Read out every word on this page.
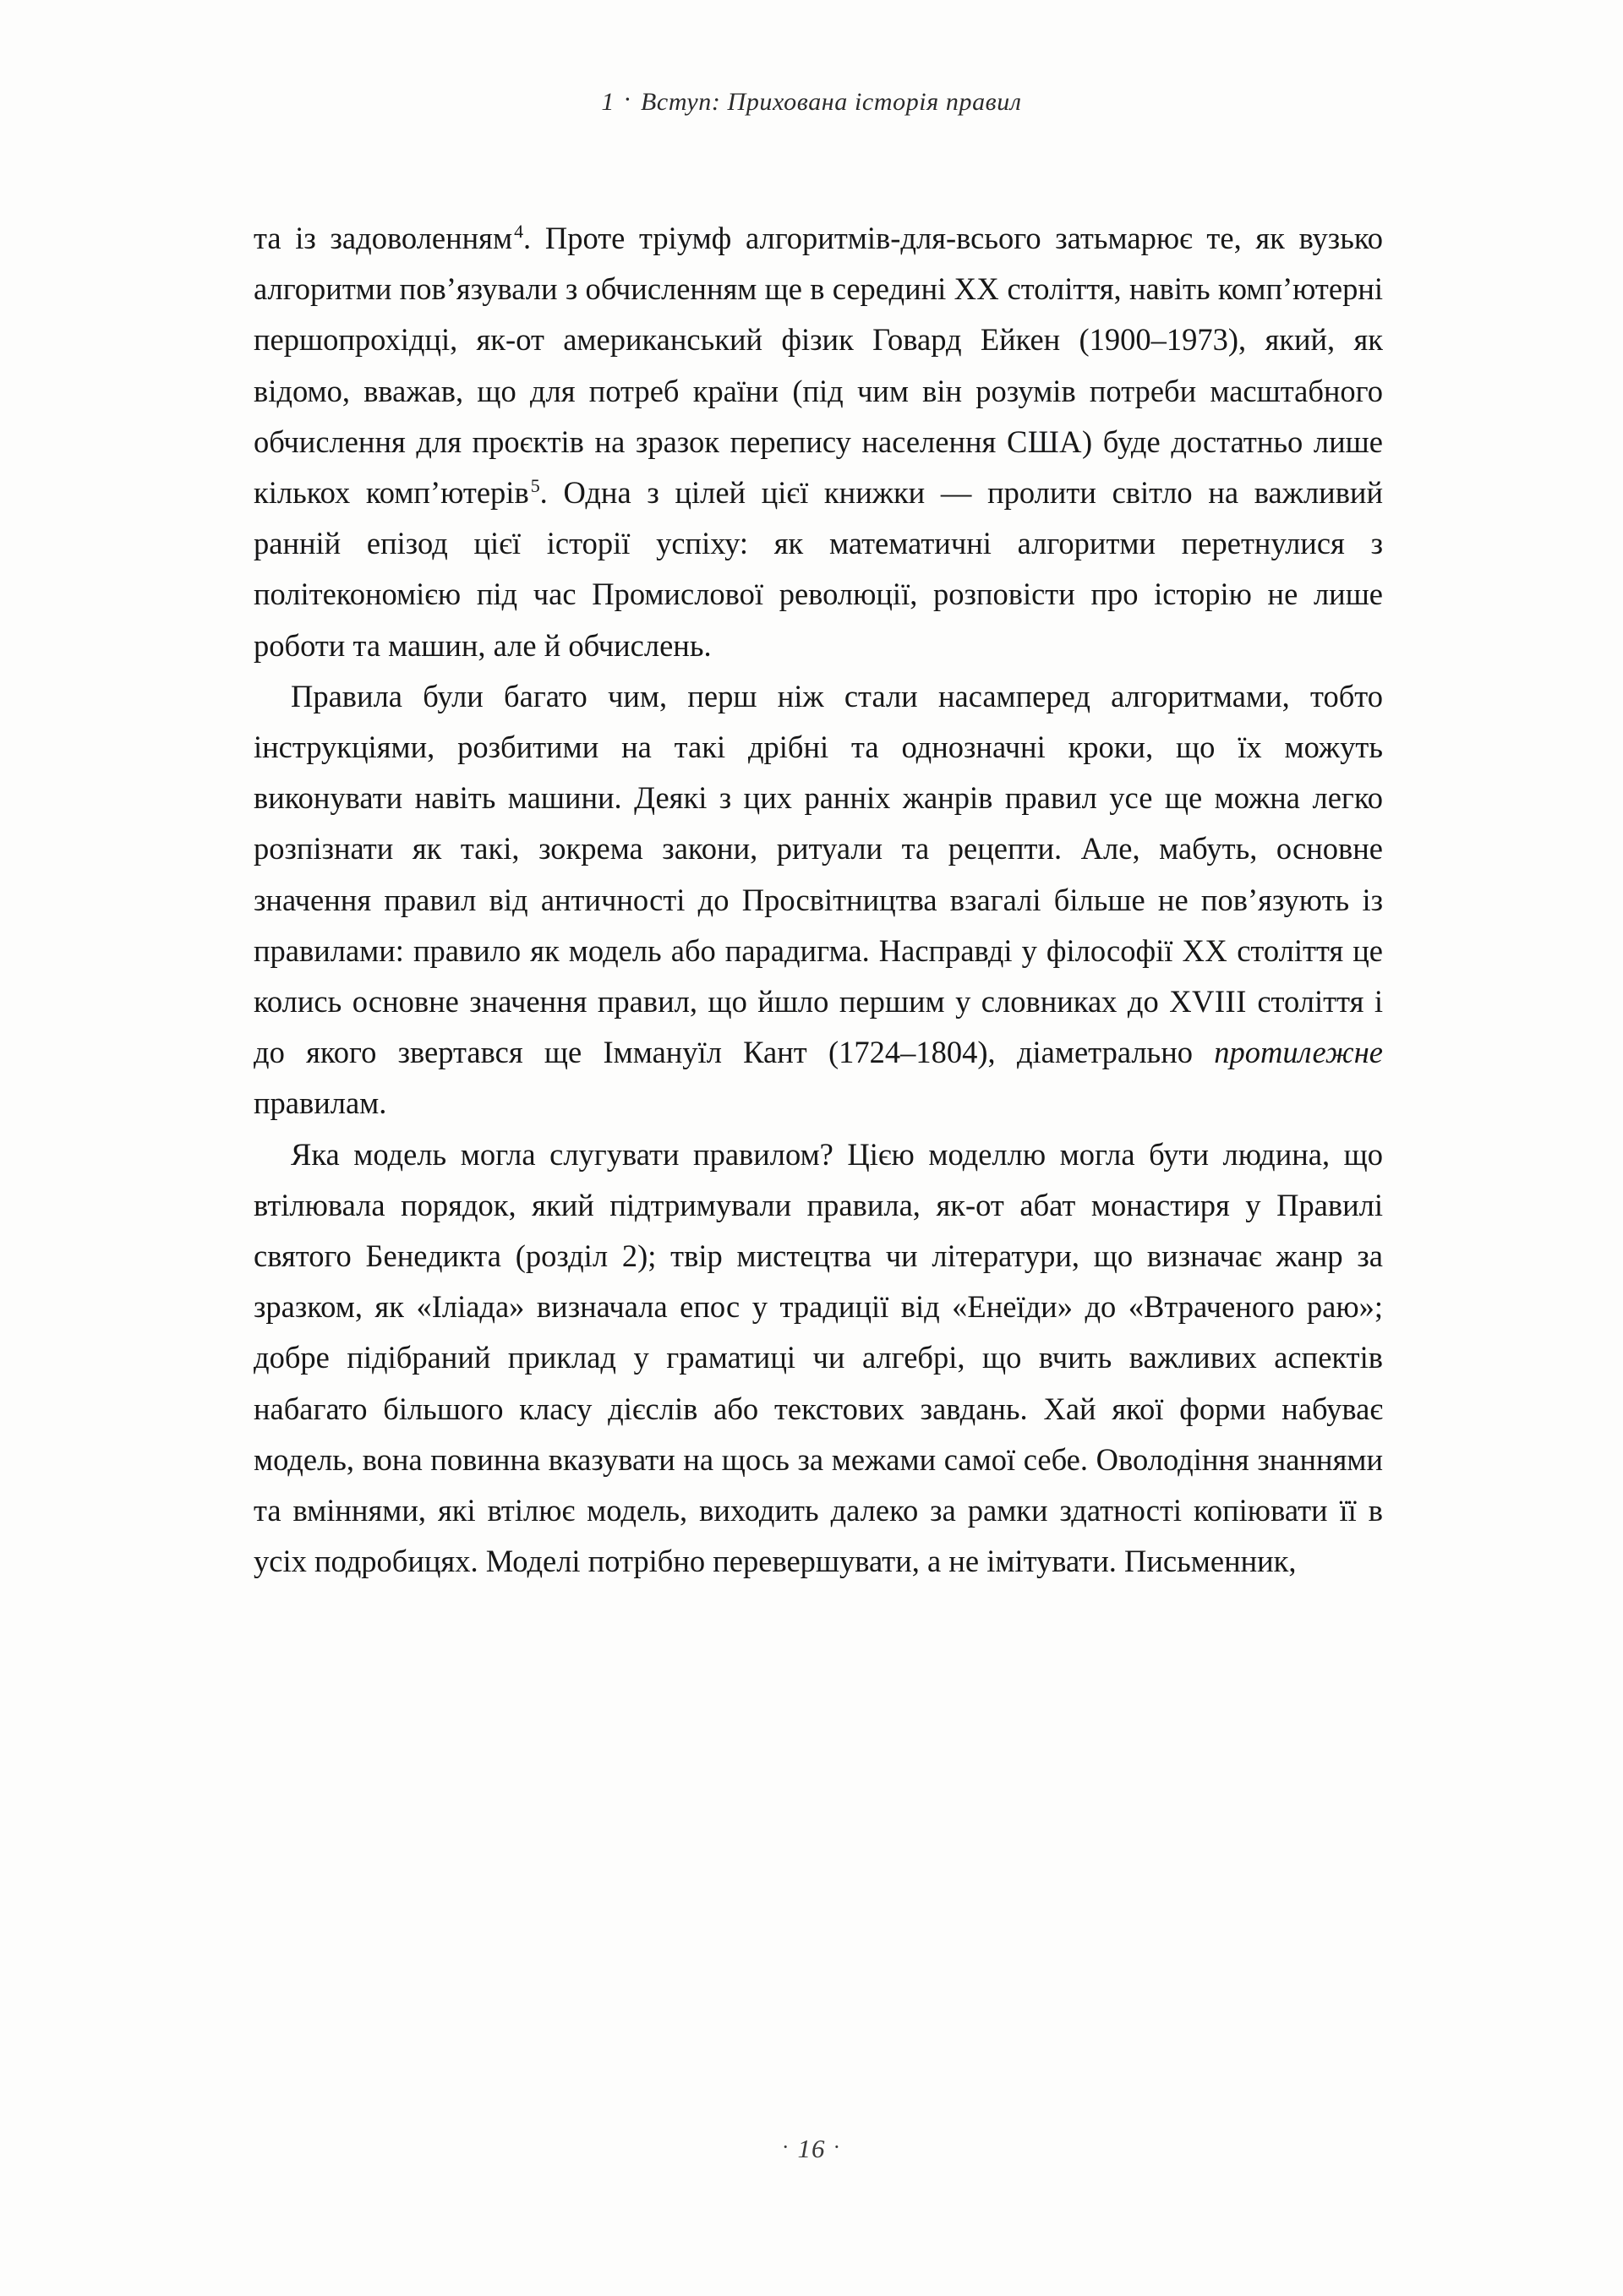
1 · Вступ: Прихована історія правил

та із задоволенням$^4$. Проте тріумф алгоритмів-для-всього затьмарює те, як вузько алгоритми пов’язували з обчисленням ще в середині XX століття, навіть комп’ютерні першопрохідці, як-от американський фізик Говард Ейкен (1900–1973), який, як відомо, вважав, що для потреб країни (під чим він розумів потреби масштабного обчислення для проєктів на зразок перепису населення США) буде достатньо лише кількох комп’ютерів$^5$. Одна з цілей цієї книжки — пролити світло на важливий ранній епізод цієї історії успіху: як математичні алгоритми перетнулися з політекономією під час Промислової революції, розповісти про історію не лише роботи та машин, але й обчислень.

Правила були багато чим, перш ніж стали насамперед алгоритмами, тобто інструкціями, розбитими на такі дрібні та однозначні кроки, що їх можуть виконувати навіть машини. Деякі з цих ранніх жанрів правил усе ще можна легко розпізнати як такі, зокрема закони, ритуали та рецепти. Але, мабуть, основне значення правил від античності до Просвітництва взагалі більше не пов’язують із правилами: правило як модель або парадигма. Насправді у філософії XX століття це колись основне значення правил, що йшло першим у словниках до XVIII століття і до якого звертався ще Іммануїл Кант (1724–1804), діаметрально протилежне правилам.

Яка модель могла слугувати правилом? Цією моделлю могла бути людина, що втілювала порядок, який підтримували правила, як-от абат монастиря у Правилі святого Бенедикта (розділ 2); твір мистецтва чи літератури, що визначає жанр за зразком, як «Іліада» визначала епос у традиції від «Енеїди» до «Втраченого раю»; добре підібраний приклад у граматиці чи алгебрі, що вчить важливих аспектів набагато більшого класу дієслів або текстових завдань. Хай якої форми набуває модель, вона повинна вказувати на щось за межами самої себе. Оволодіння знаннями та вміннями, які втілює модель, виходить далеко за рамки здатності копіювати її в усіх подробицях. Моделі потрібно перевершувати, а не імітувати. Письменник,

· 16 ·
